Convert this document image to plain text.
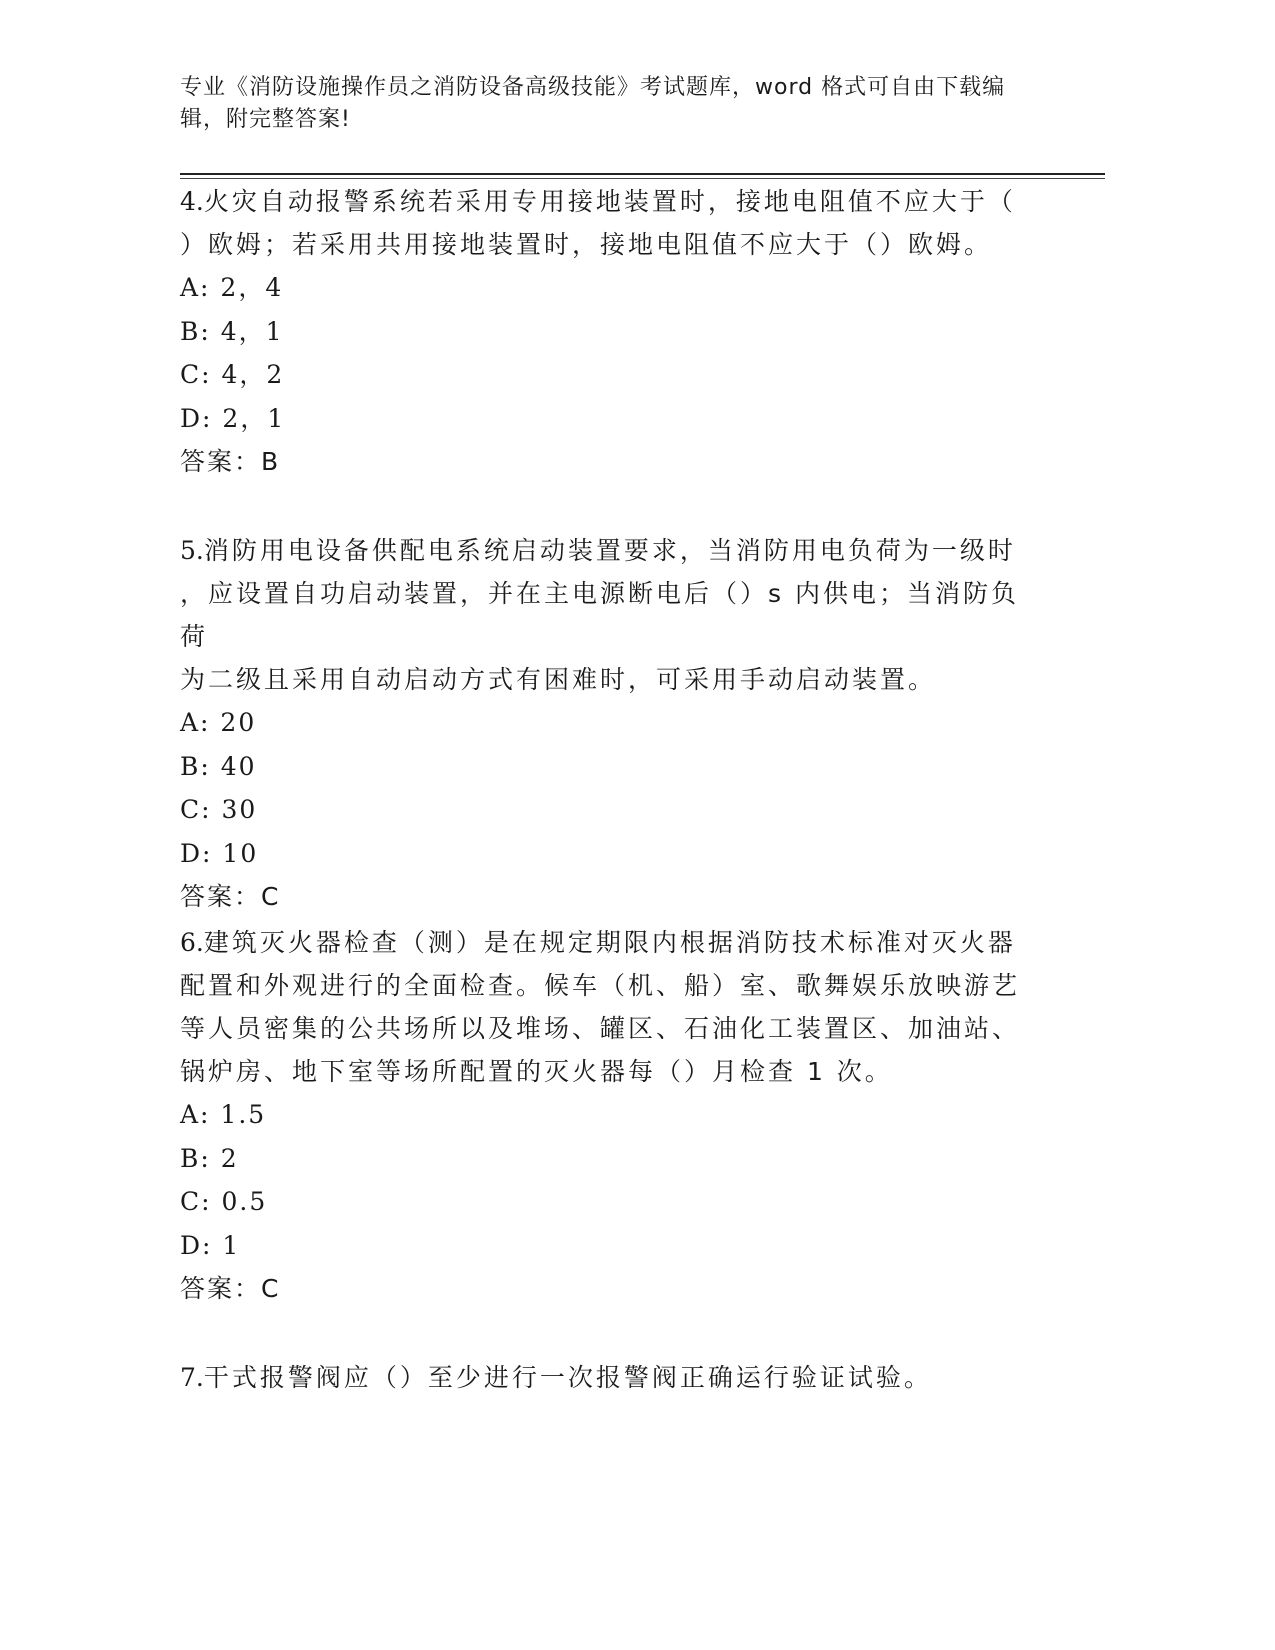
专业《消防设施操作员之消防设备高级技能》考试题库，word 格式可自由下载编
辑，附完整答案!

4.火灾自动报警系统若采用专用接地装置时，接地电阻值不应大于（

）欧姆；若采用共用接地装置时，接地电阻值不应大于（）欧姆。

A: 2，4

B: 4，1

C: 4，2

D: 2，1

答案：B

5.消防用电设备供配电系统启动装置要求，当消防用电负荷为一级时

，应设置自功启动装置，并在主电源断电后（）s 内供电；当消防负荷

为二级且采用自动启动方式有困难时，可采用手动启动装置。

A: 20

B: 40

C: 30

D: 10

答案：C

6.建筑灭火器检查（测）是在规定期限内根据消防技术标准对灭火器

配置和外观进行的全面检查。候车（机、船）室、歌舞娱乐放映游艺

等人员密集的公共场所以及堆场、罐区、石油化工装置区、加油站、

锅炉房、地下室等场所配置的灭火器每（）月检查 1 次。

A: 1.5

B: 2

C: 0.5

D: 1

答案：C

7.干式报警阀应（）至少进行一次报警阀正确运行验证试验。
